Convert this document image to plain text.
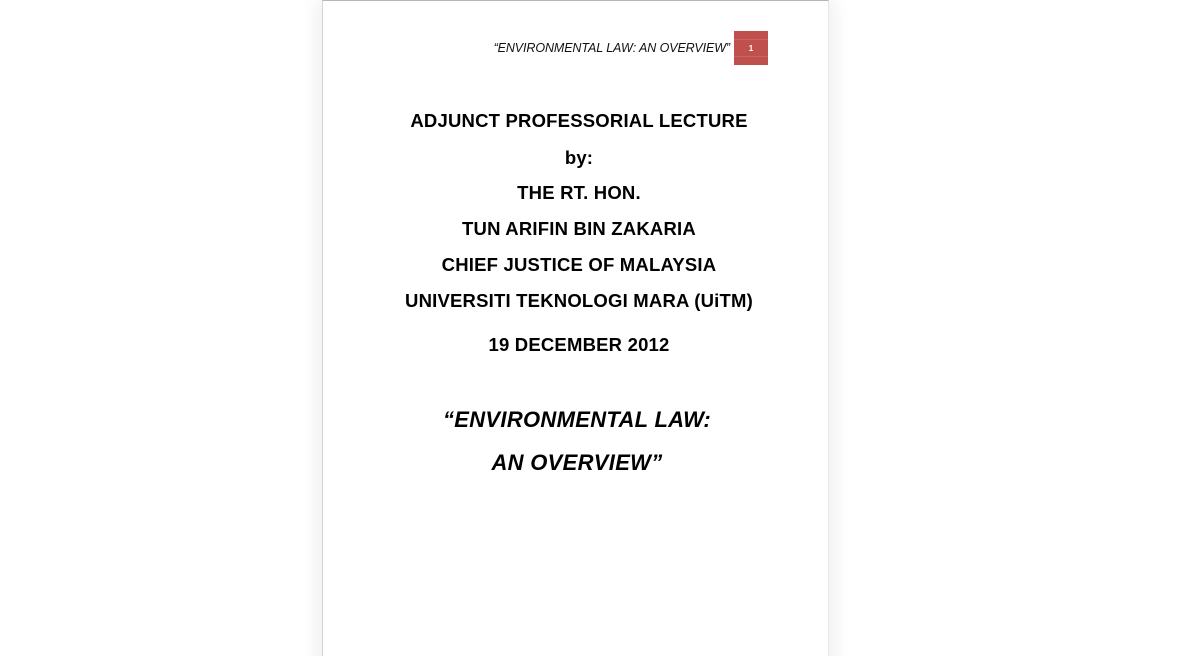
“ENVIRONMENTAL LAW: AN OVERVIEW” 1
ADJUNCT PROFESSORIAL LECTURE
by:
THE RT. HON.
TUN ARIFIN BIN ZAKARIA
CHIEF JUSTICE OF MALAYSIA
UNIVERSITI TEKNOLOGI MARA (UiTM)
19 DECEMBER 2012
“ENVIRONMENTAL LAW:
AN OVERVIEW”
